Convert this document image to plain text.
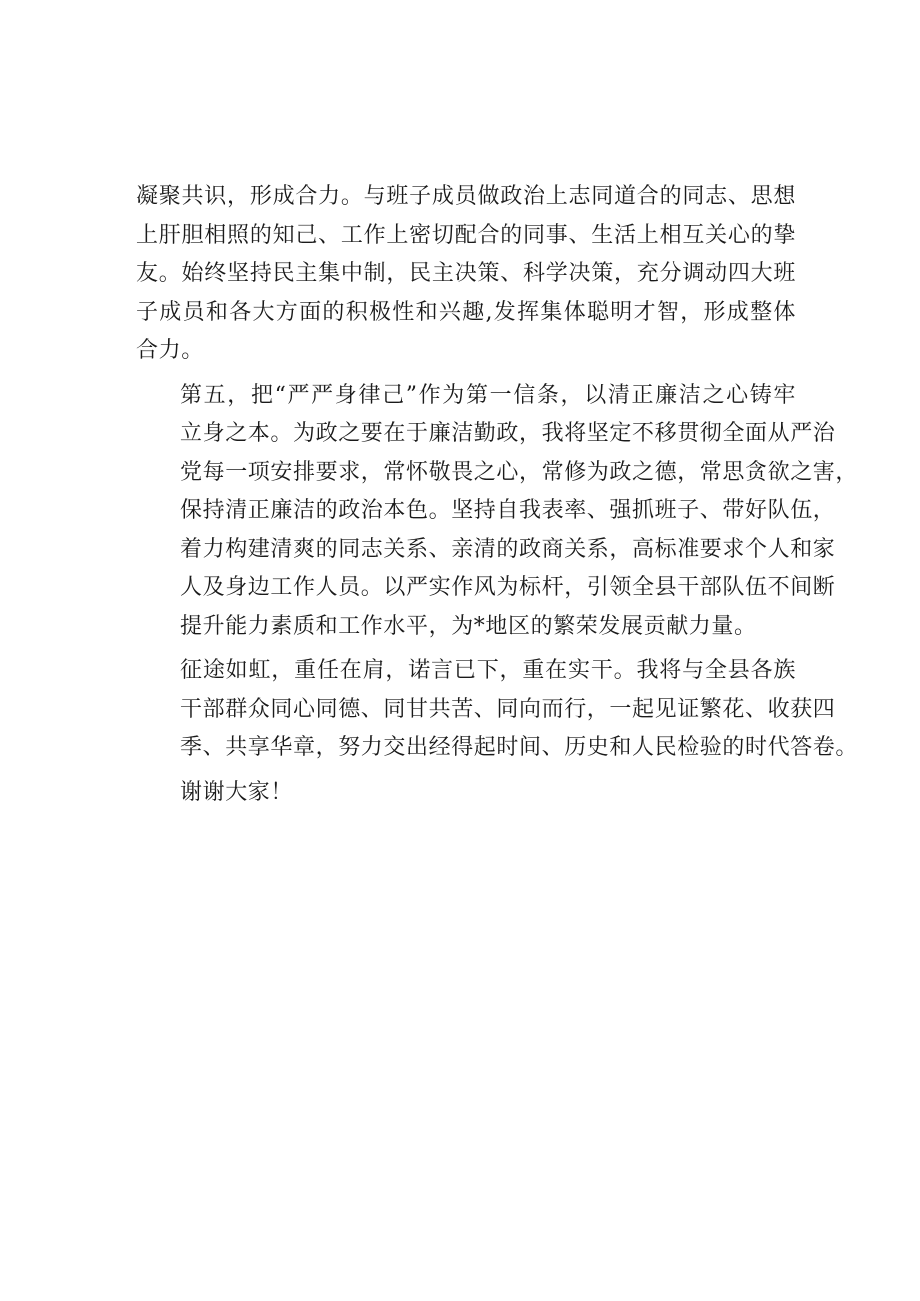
凝聚共识，形成合力。与班子成员做政治上志同道合的同志、思想
上肝胆相照的知己、工作上密切配合的同事、生活上相互关心的挚
友。始终坚持民主集中制，民主决策、科学决策，充分调动四大班
子成员和各大方面的积极性和兴趣,发挥集体聪明才智，形成整体
合力。

第五，把“严严身律己”作为第一信条，以清正廉洁之心铸牢
立身之本。为政之要在于廉洁勤政，我将坚定不移贯彻全面从严治
党每一项安排要求，常怀敬畏之心，常修为政之德，常思贪欲之害，
保持清正廉洁的政治本色。坚持自我表率、强抓班子、带好队伍，
着力构建清爽的同志关系、亲清的政商关系，高标准要求个人和家
人及身边工作人员。以严实作风为标杆，引领全县干部队伍不间断
提升能力素质和工作水平，为*地区的繁荣发展贡献力量。

征途如虹，重任在肩，诺言已下，重在实干。我将与全县各族
干部群众同心同德、同甘共苦、同向而行，一起见证繁花、收获四
季、共享华章，努力交出经得起时间、历史和人民检验的时代答卷。

谢谢大家！
